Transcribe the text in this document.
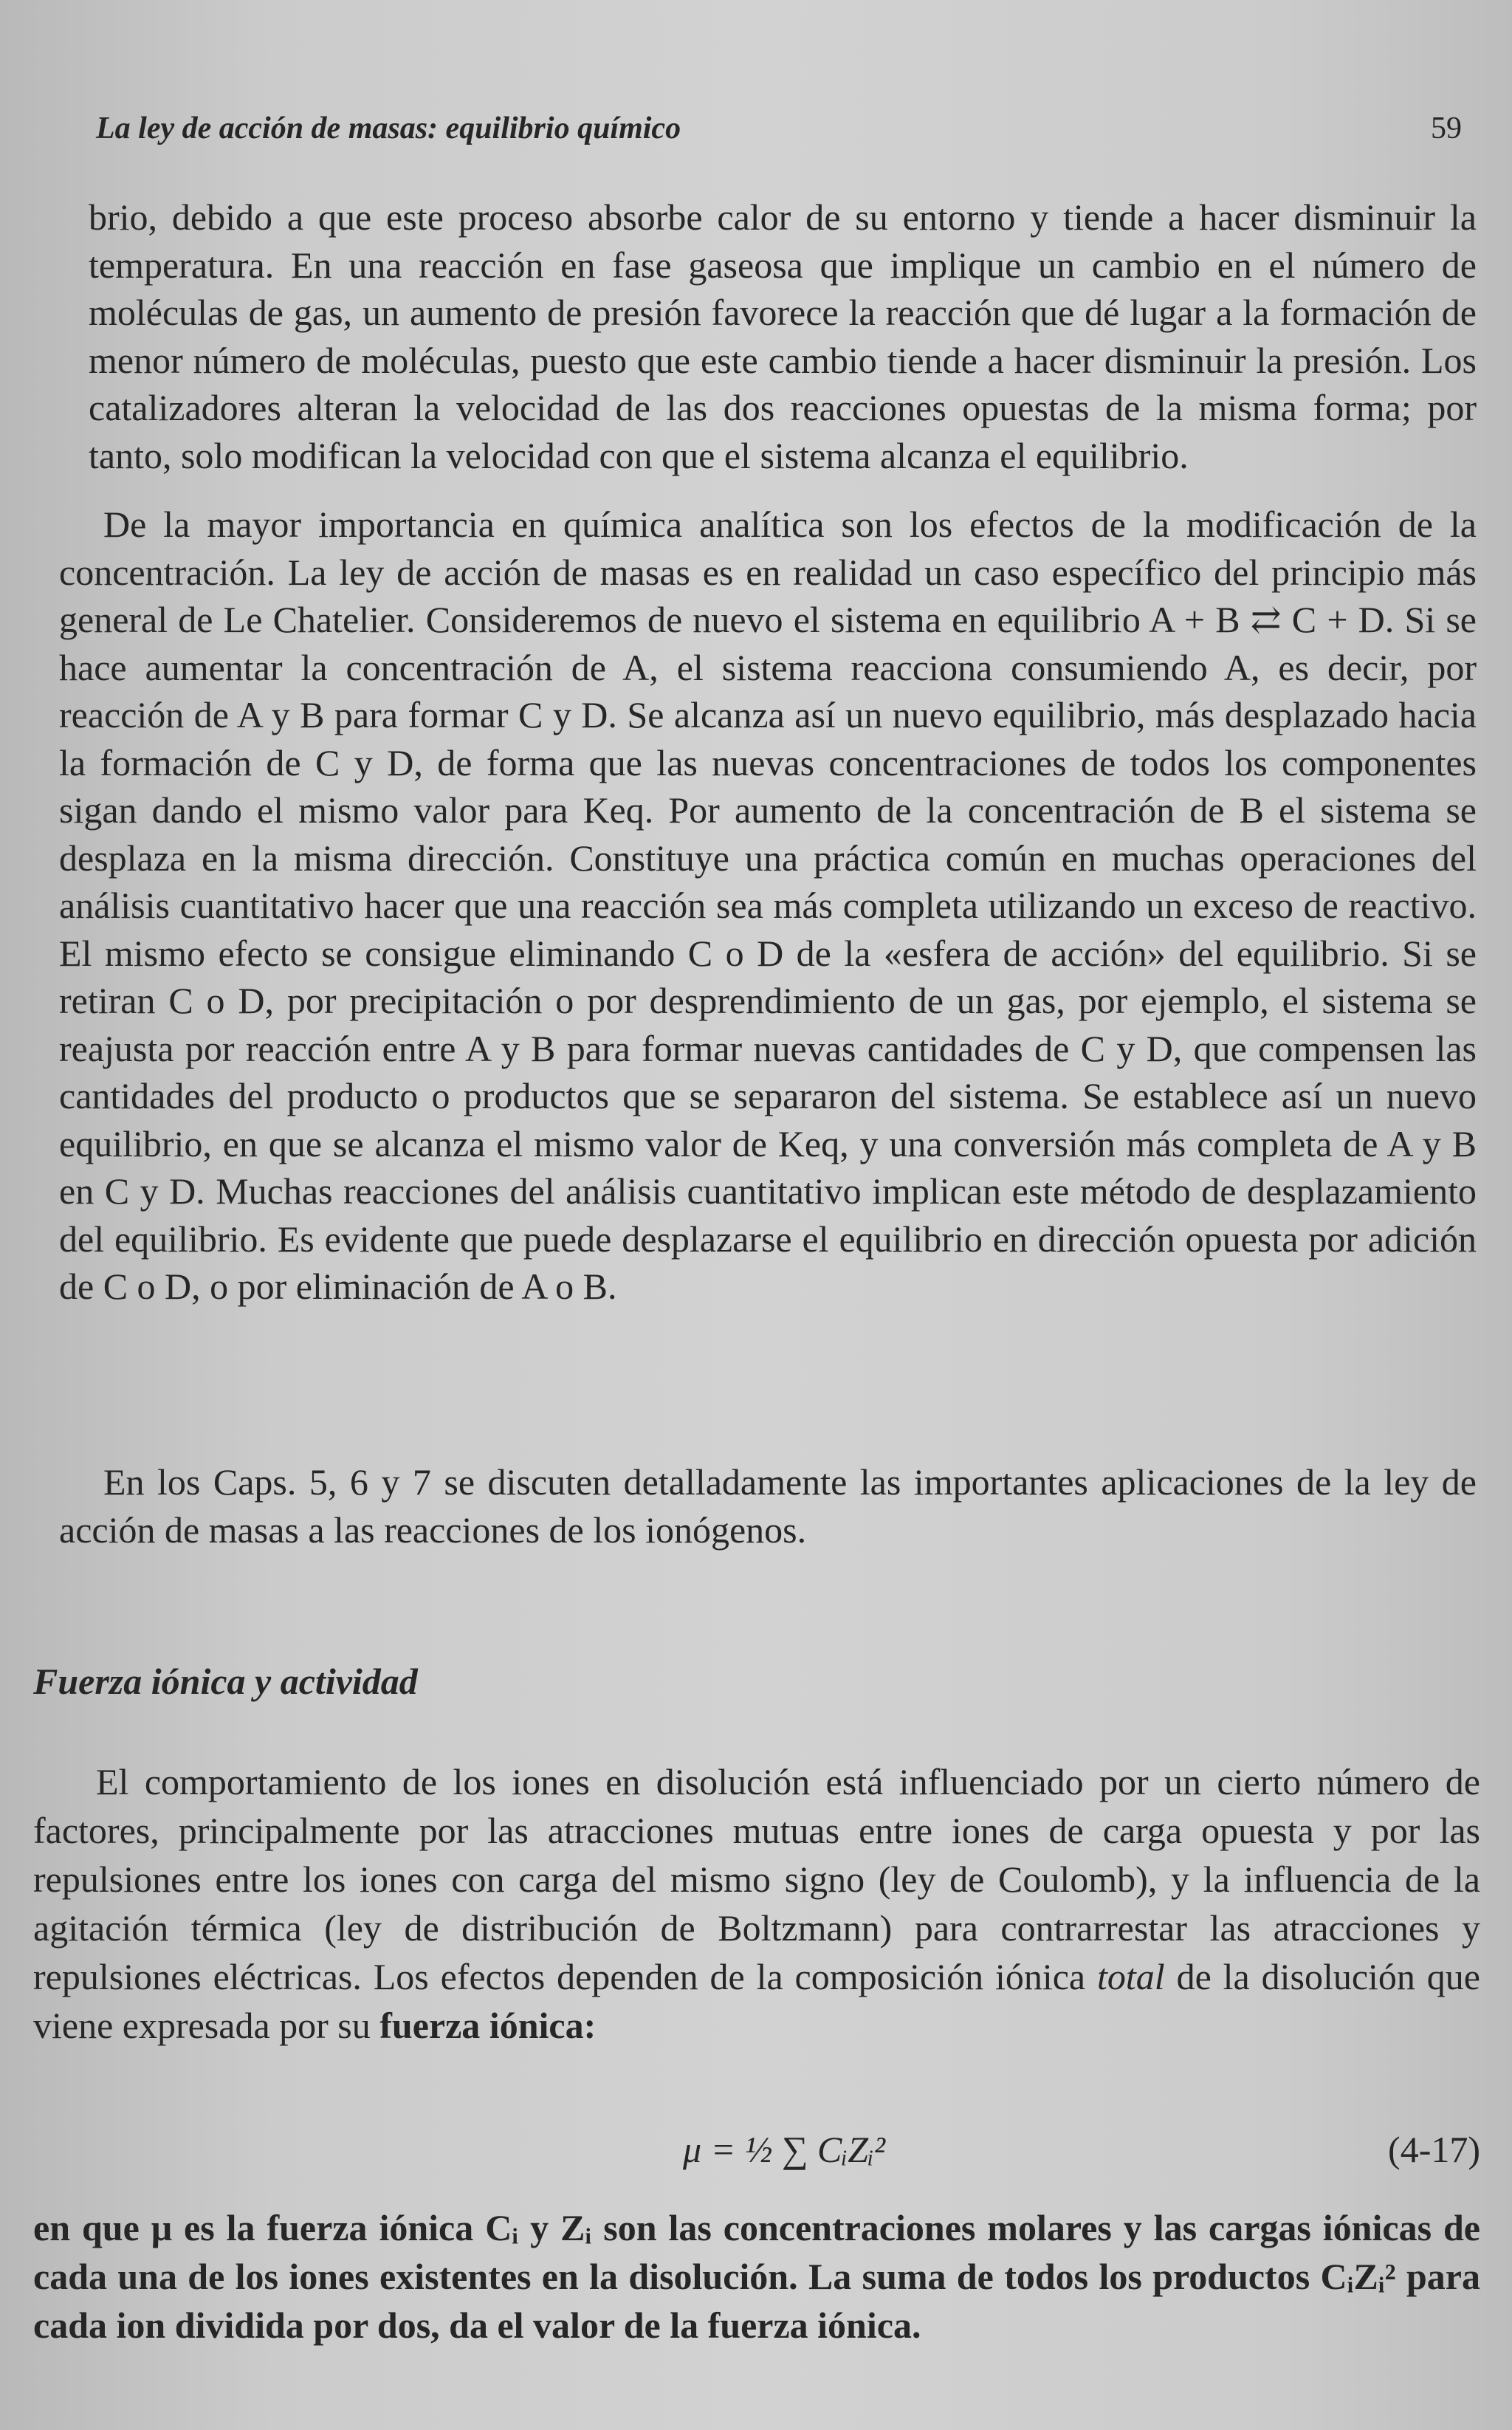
La ley de acción de masas: equilibrio químico	59

brio, debido a que este proceso absorbe calor de su entorno y tiende a hacer disminuir la temperatura. En una reacción en fase gaseosa que implique un cambio en el número de moléculas de gas, un aumento de presión favorece la reacción que dé lugar a la formación de menor número de moléculas, puesto que este cambio tiende a hacer disminuir la presión. Los catalizadores alteran la velocidad de las dos reacciones opuestas de la misma forma; por tanto, solo modifican la velocidad con que el sistema alcanza el equilibrio.

De la mayor importancia en química analítica son los efectos de la modificación de la concentración. La ley de acción de masas es en realidad un caso específico del principio más general de Le Chatelier. Consideremos de nuevo el sistema en equilibrio A + B ⇄ C + D. Si se hace aumentar la concentración de A, el sistema reacciona consumiendo A, es decir, por reacción de A y B para formar C y D. Se alcanza así un nuevo equilibrio, más desplazado hacia la formación de C y D, de forma que las nuevas concentraciones de todos los componentes sigan dando el mismo valor para Keq. Por aumento de la concentración de B el sistema se desplaza en la misma dirección. Constituye una práctica común en muchas operaciones del análisis cuantitativo hacer que una reacción sea más completa utilizando un exceso de reactivo. El mismo efecto se consigue eliminando C o D de la «esfera de acción» del equilibrio. Si se retiran C o D, por precipitación o por desprendimiento de un gas, por ejemplo, el sistema se reajusta por reacción entre A y B para formar nuevas cantidades de C y D, que compensen las cantidades del producto o productos que se separaron del sistema. Se establece así un nuevo equilibrio, en que se alcanza el mismo valor de Keq, y una conversión más completa de A y B en C y D. Muchas reacciones del análisis cuantitativo implican este método de desplazamiento del equilibrio. Es evidente que puede desplazarse el equilibrio en dirección opuesta por adición de C o D, o por eliminación de A o B.

En los Caps. 5, 6 y 7 se discuten detalladamente las importantes aplicaciones de la ley de acción de masas a las reacciones de los ionógenos.

Fuerza iónica y actividad

El comportamiento de los iones en disolución está influenciado por un cierto número de factores, principalmente por las atracciones mutuas entre iones de carga opuesta y por las repulsiones entre los iones con carga del mismo signo (ley de Coulomb), y la influencia de la agitación térmica (ley de distribución de Boltzmann) para contrarrestar las atracciones y repulsiones eléctricas. Los efectos dependen de la composición iónica total de la disolución que viene expresada por su fuerza iónica:

μ = ½ ∑ CᵢZᵢ²	(4-17)

en que μ es la fuerza iónica Cᵢ y Zᵢ son las concentraciones molares y las cargas iónicas de cada una de los iones existentes en la disolución. La suma de todos los productos CᵢZᵢ² para cada ion dividida por dos, da el valor de la fuerza iónica.
